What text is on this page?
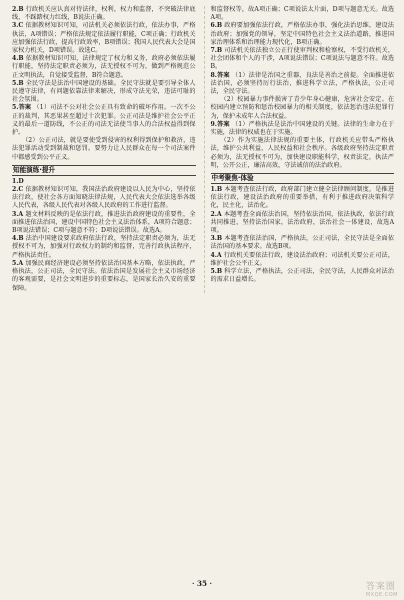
2.B 行政机关应认真对待法律，权利，权力和监督，不突破法律底线，不踩踏权力红线，B说法正确。

3.C 依据教材知识可知，司法机关必须依法行政，依法办事，严格执法，A项错误；严格依法规定依法履行职能，C项正确；行政机关应加强依法行政，提高行政效率，B项错误；我国人民代表大会是国家权力机关，D项错误。故选C。

4.B 依据教材知识可知，法律规定了权力和义务，政府必须依法履行职能，坚持法定职责必须为，法无授权不可为，做到严格规范公正文明执法，自觉接受监督，B符合题意。

5.B 全民守法是法治中国建设的基础。全民守法就是要引导全体人民遵守法律，有问题依靠法律来解决，形成守法光荣，违法可耻的社会氛围。

5.答案 （1）司法不公对社会公正具有致命的破坏作用。一次不公正的裁判，其恶果甚至超过十次犯罪。公正司法是维护社会公平正义的最后一道防线，不公正的司法无法使当事人的合法权益得到保护。

（2）公正司法，就是要使受到侵害的权利得到保护和救济，违法犯罪活动受到制裁和惩罚。要努力让人民群众在每一个司法案件中都感受到公平正义。

知能演练·提升

1.D

2.C 依据教材知识可知，我国法治政府建设以人民为中心，坚持依法行政，使社会各方面知晓法律法规，人民代表大会依法选举各级人民代表，各级人民代表对各级人民政府的工作进行监督。

3.A 题文材料反映的是依法行政，推进法治政府建设的重要性，全面推进依法治国，建设中国特色社会主义法治体系，A项符合题意；B项说法错误；C项与题意不符；D项说法错误。故选A。

4.B 法治中国建设要求政府依法行政，坚持法定职责必须为，法无授权不可为，加强对行政权力的制约和监督，完善行政执法程序，严格执法责任。

5.A 加强民商经济建设必须坚持依法治国基本方略，依法执政，严格执法，公正司法，全民守法。依法治国是发展社会主义市场经济的客观需要，是社会文明进步的重要标志，是国家长治久安的重要保障。

和监督权等，故A项正确；C项说法太片面，D项与题意无关。故选A项。

6.B 政府要加强依法行政，严格依法办事，强化法治思维，建设法治政府；加强党的领导，坚定中国特色社会主义法治道路，推进国家治理体系和治理能力现代化，B项正确。

7.B 司法机关依法独立公正行使审判权和检察权，不受行政机关，社会团体和个人的干涉，A项说法错误；C项说法与题意不符。故选B。

8.答案 （1）法律是治国之重器，良法是善治之前提。全面推进依法治国，必须坚持厉行法治，推进科学立法，严格执法，公正司法，全民守法。

（2）校园暴力事件损害了青少年身心健康，危害社会安定。在校园内建立预防和惩治校园暴力的相关制度，依法惩治违法犯罪行为，保护未成年人合法权益。

9.答案 （1）严格执法是法治中国建设的关键。法律的生命力在于实施，法律的权威也在于实施。

（2）作为实施法律法规的重要主体，行政机关应带头严格执法，维护公共利益，人民权益和社会秩序。各级政府坚持法定职责必须为，法无授权不可为，加快建设职能科学，权责法定，执法严明，公开公正，廉洁高效，守法诚信的法治政府。

中考聚焦·体验

1.B 本题考查依法行政，政府部门建立健全法律顾问制度，是推进依法行政，建设法治政府的重要举措，有利于推进政府决策科学化，民主化，法治化。

2.A 本题考查全面依法治国，坚持依法治国，依法执政，依法行政共同推进，坚持法治国家，法治政府，法治社会一体建设，故选A项。

3.B 本题考查依法治国，严格执法，公正司法，全民守法是全面依法治国的基本要求。故选B项。

4.A 行政机关要依法行政，建设法治政府；司法机关要公正司法，维护社会公平正义。

5.B 科学立法，严格执法，公正司法，全民守法，人民群众对法治的需求日益增长。

· 35 ·	答案圈
MXQE.COM
